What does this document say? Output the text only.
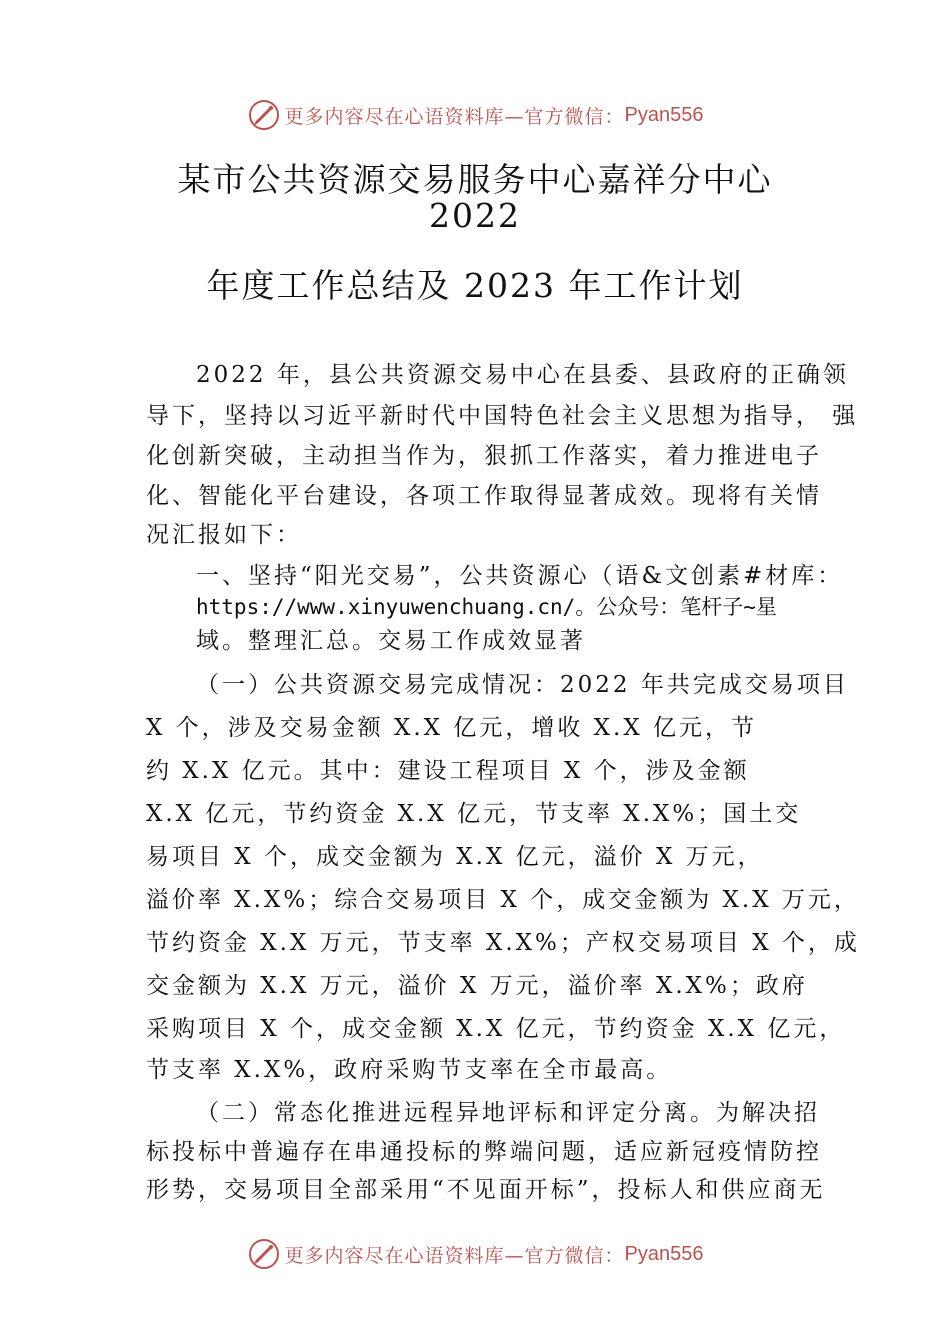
更多内容尽在心语资料库—官方微信： Pyan556
某市公共资源交易服务中心嘉祥分中心
2022
年度工作总结及 2023 年工作计划
2022 年，县公共资源交易中心在县委、县政府的正确领
导下，坚持以习近平新时代中国特色社会主义思想为指导， 强
化创新突破，主动担当作为，狠抓工作落实，着力推进电子
化、智能化平台建设，各项工作取得显著成效。现将有关情
况汇报如下：
一、坚持“阳光交易”，公共资源心（语&文创素#材库：
https://www.xinyuwenchuang.cn/。公众号：笔杆子~星
域。整理汇总。交易工作成效显著
（一）公共资源交易完成情况：2022 年共完成交易项目
X 个，涉及交易金额 X.X 亿元，增收 X.X 亿元，节
约 X.X 亿元。其中：建设工程项目 X 个，涉及金额
X.X 亿元，节约资金 X.X 亿元，节支率 X.X%；国土交
易项目 X 个，成交金额为 X.X 亿元，溢价 X 万元，
溢价率 X.X%；综合交易项目 X 个，成交金额为 X.X 万元，
节约资金 X.X 万元，节支率 X.X%；产权交易项目 X 个，成
交金额为 X.X 万元，溢价 X 万元，溢价率 X.X%；政府
采购项目 X 个，成交金额 X.X 亿元，节约资金 X.X 亿元，
节支率 X.X%，政府采购节支率在全市最高。
（二）常态化推进远程异地评标和评定分离。为解决招
标投标中普遍存在串通投标的弊端问题，适应新冠疫情防控
形势，交易项目全部采用“不见面开标”，投标人和供应商无
更多内容尽在心语资料库—官方微信： Pyan556
